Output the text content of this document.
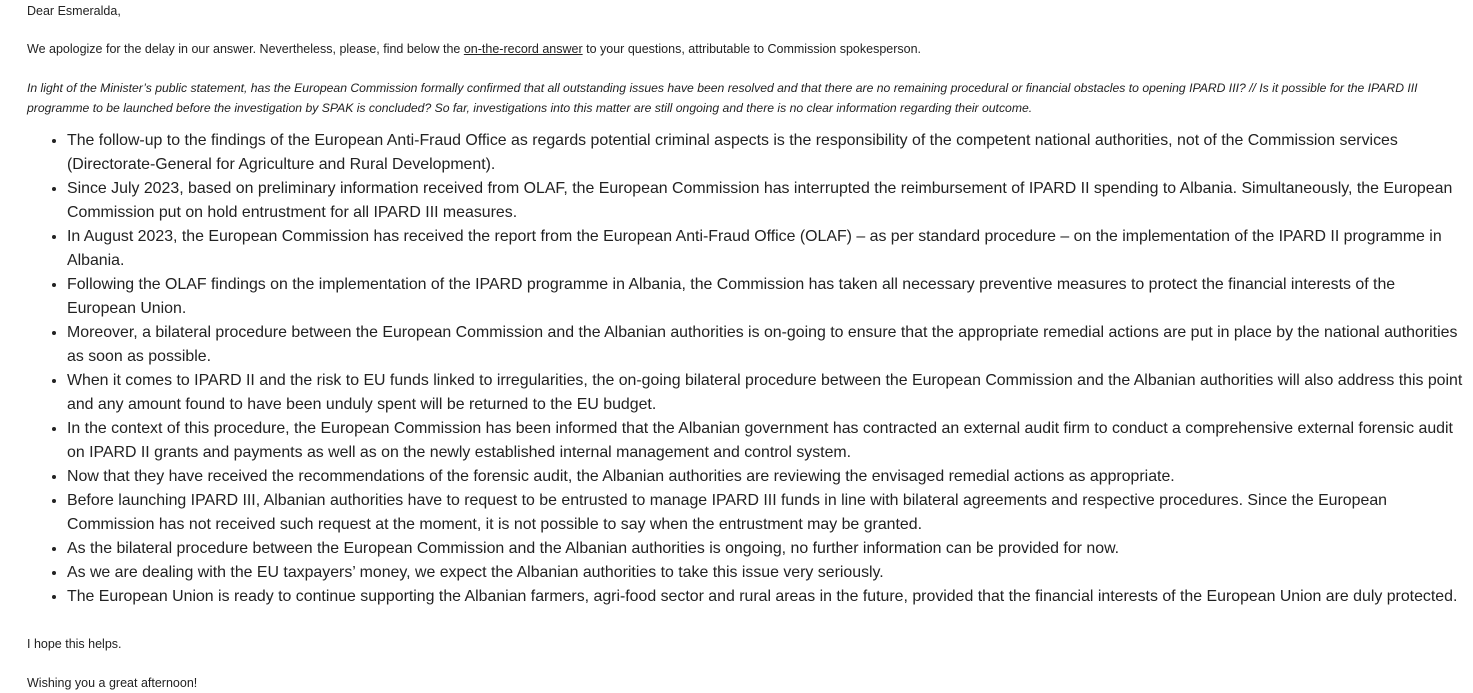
Dear Esmeralda,
We apologize for the delay in our answer. Nevertheless, please, find below the on-the-record answer to your questions, attributable to Commission spokesperson.
In light of the Minister’s public statement, has the European Commission formally confirmed that all outstanding issues have been resolved and that there are no remaining procedural or financial obstacles to opening IPARD III? // Is it possible for the IPARD III programme to be launched before the investigation by SPAK is concluded? So far, investigations into this matter are still ongoing and there is no clear information regarding their outcome.
• The follow-up to the findings of the European Anti-Fraud Office as regards potential criminal aspects is the responsibility of the competent national authorities, not of the Commission services (Directorate-General for Agriculture and Rural Development).
• Since July 2023, based on preliminary information received from OLAF, the European Commission has interrupted the reimbursement of IPARD II spending to Albania. Simultaneously, the European Commission put on hold entrustment for all IPARD III measures.
• In August 2023, the European Commission has received the report from the European Anti-Fraud Office (OLAF) – as per standard procedure – on the implementation of the IPARD II programme in Albania.
• Following the OLAF findings on the implementation of the IPARD programme in Albania, the Commission has taken all necessary preventive measures to protect the financial interests of the European Union.
• Moreover, a bilateral procedure between the European Commission and the Albanian authorities is on-going to ensure that the appropriate remedial actions are put in place by the national authorities as soon as possible.
• When it comes to IPARD II and the risk to EU funds linked to irregularities, the on-going bilateral procedure between the European Commission and the Albanian authorities will also address this point and any amount found to have been unduly spent will be returned to the EU budget.
• In the context of this procedure, the European Commission has been informed that the Albanian government has contracted an external audit firm to conduct a comprehensive external forensic audit on IPARD II grants and payments as well as on the newly established internal management and control system.
• Now that they have received the recommendations of the forensic audit, the Albanian authorities are reviewing the envisaged remedial actions as appropriate.
• Before launching IPARD III, Albanian authorities have to request to be entrusted to manage IPARD III funds in line with bilateral agreements and respective procedures. Since the European Commission has not received such request at the moment, it is not possible to say when the entrustment may be granted.
• As the bilateral procedure between the European Commission and the Albanian authorities is ongoing, no further information can be provided for now.
• As we are dealing with the EU taxpayers’ money, we expect the Albanian authorities to take this issue very seriously.
• The European Union is ready to continue supporting the Albanian farmers, agri-food sector and rural areas in the future, provided that the financial interests of the European Union are duly protected.
I hope this helps.
Wishing you a great afternoon!
